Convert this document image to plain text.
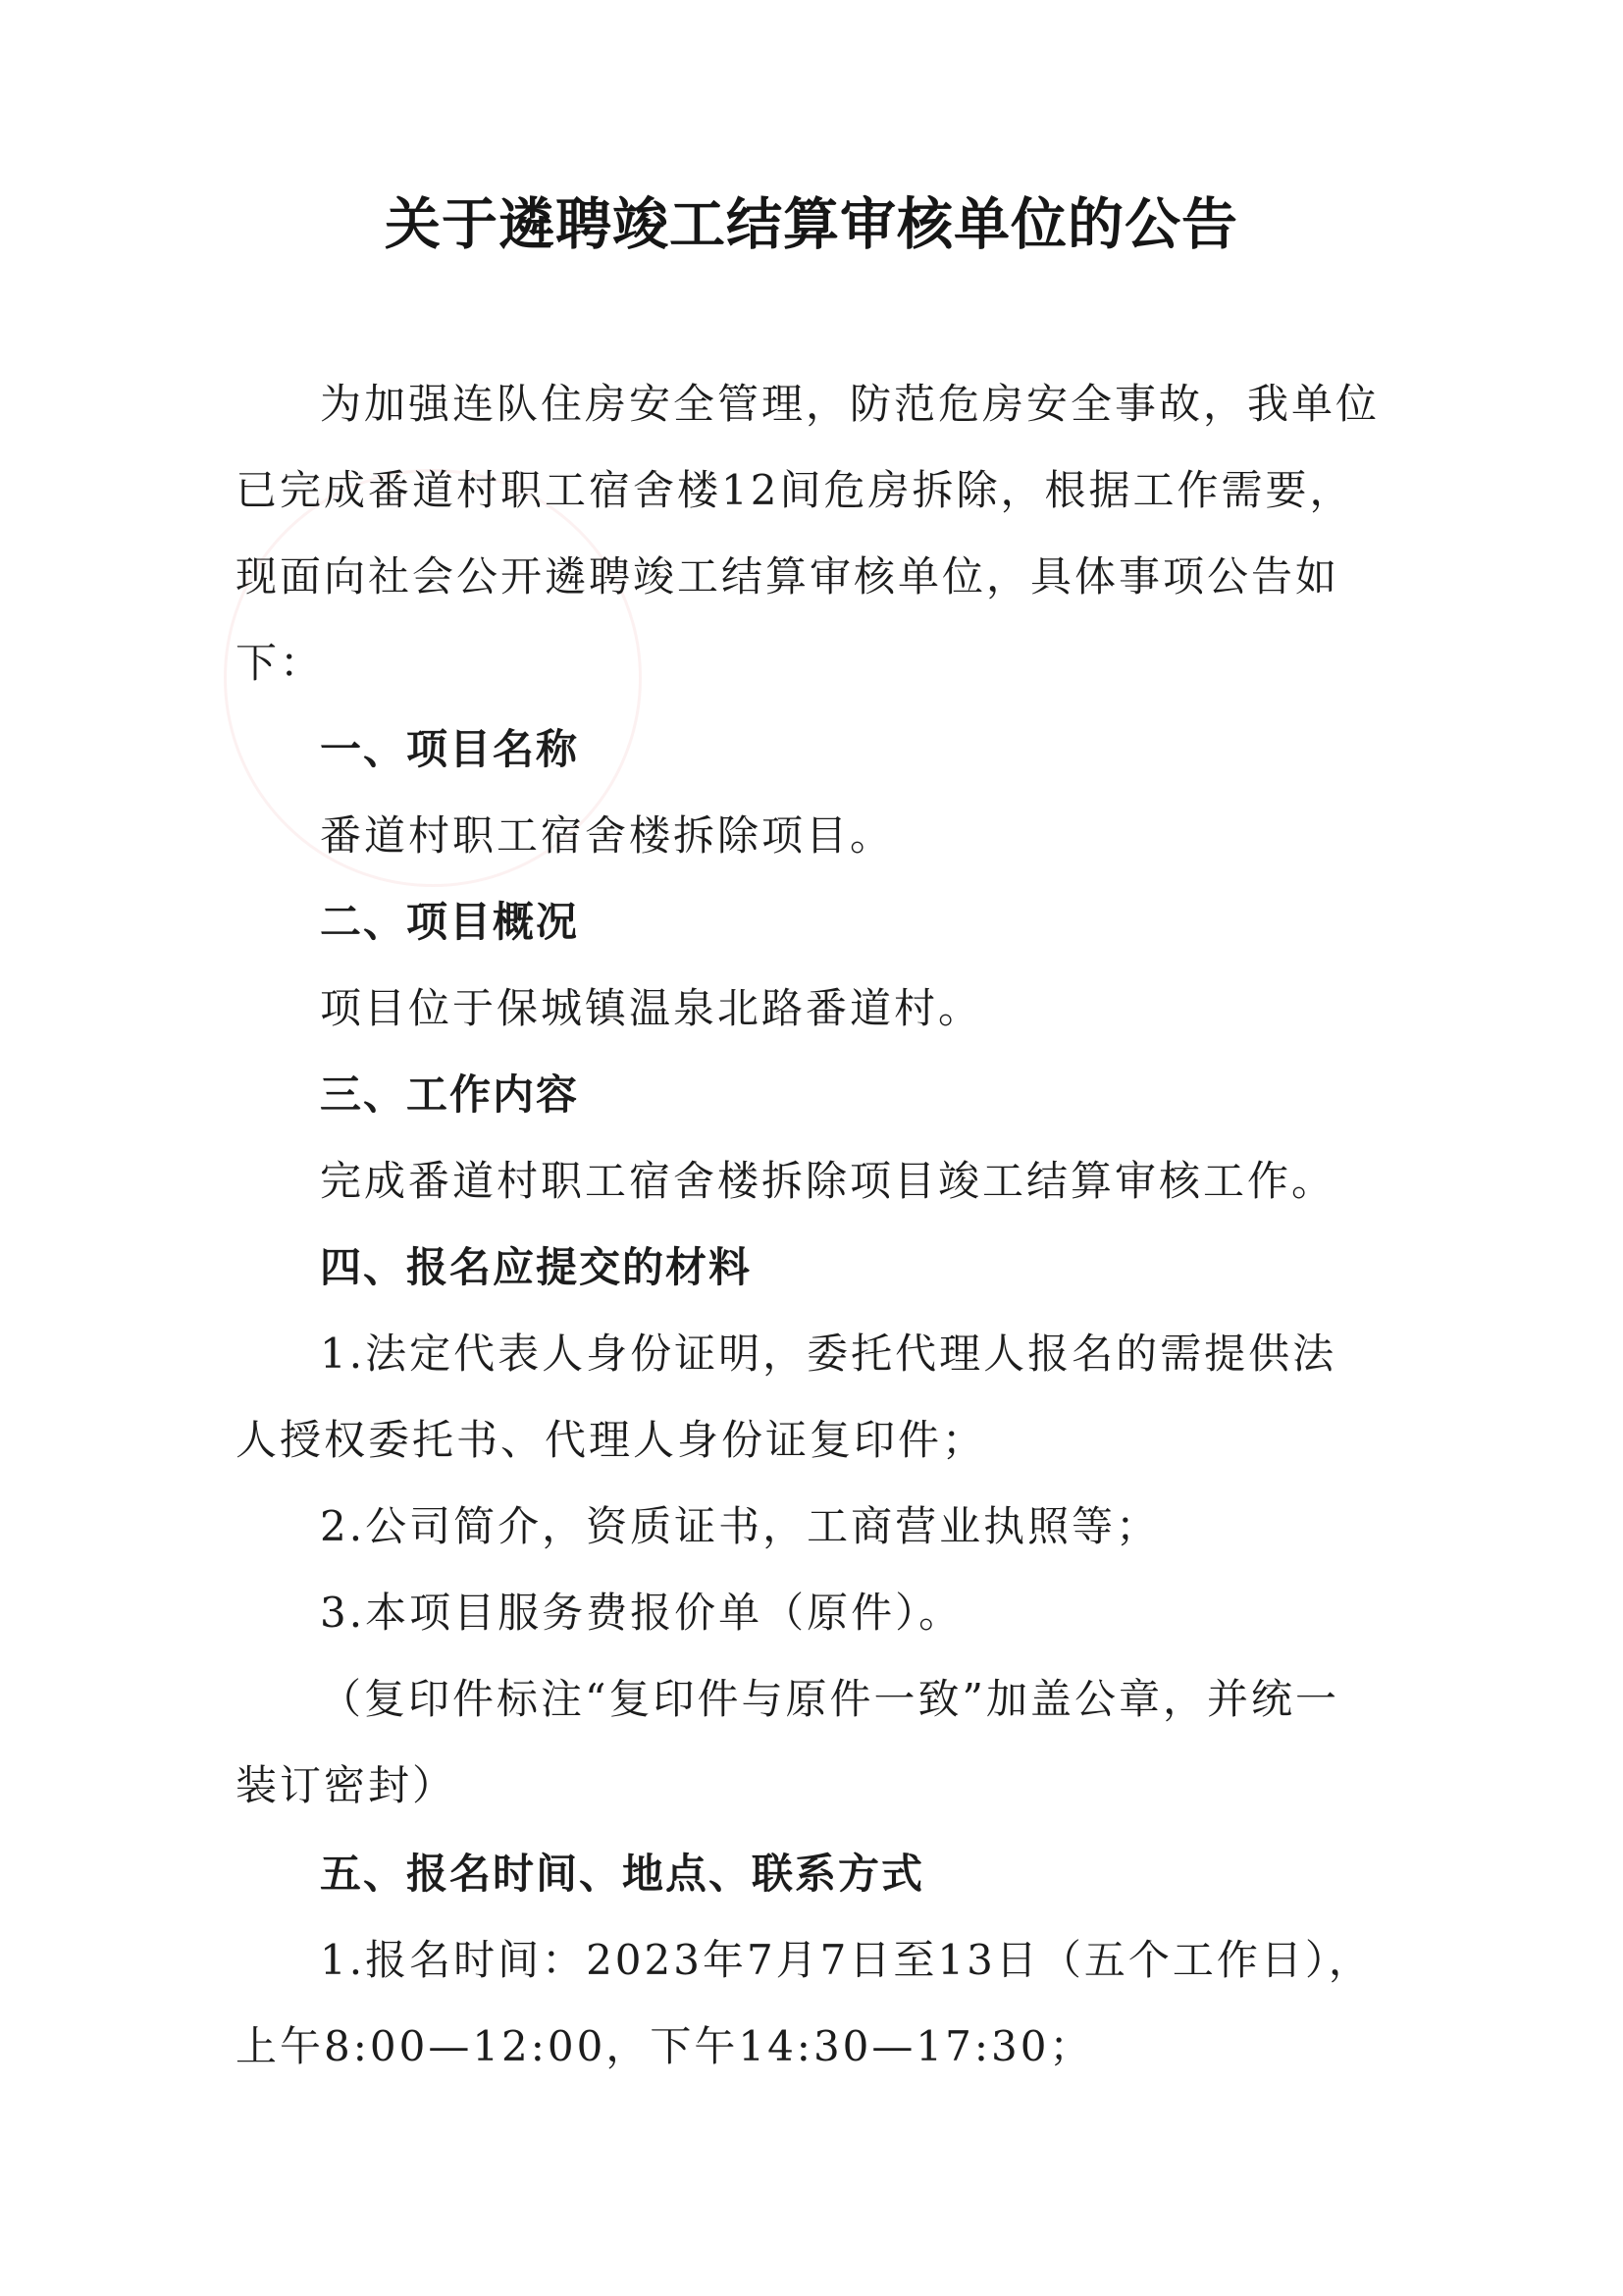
关于遴聘竣工结算审核单位的公告

为加强连队住房安全管理，防范危房安全事故，我单位已完成番道村职工宿舍楼12间危房拆除，根据工作需要，现面向社会公开遴聘竣工结算审核单位，具体事项公告如下：

一、项目名称

番道村职工宿舍楼拆除项目。

二、项目概况

项目位于保城镇温泉北路番道村。

三、工作内容

完成番道村职工宿舍楼拆除项目竣工结算审核工作。

四、报名应提交的材料

1.法定代表人身份证明，委托代理人报名的需提供法人授权委托书、代理人身份证复印件；

2.公司简介，资质证书，工商营业执照等；

3.本项目服务费报价单（原件）。

（复印件标注“复印件与原件一致”加盖公章，并统一装订密封）

五、报名时间、地点、联系方式

1.报名时间：2023年7月7日至13日（五个工作日），上午8:00—12:00，下午14:30—17:30；
